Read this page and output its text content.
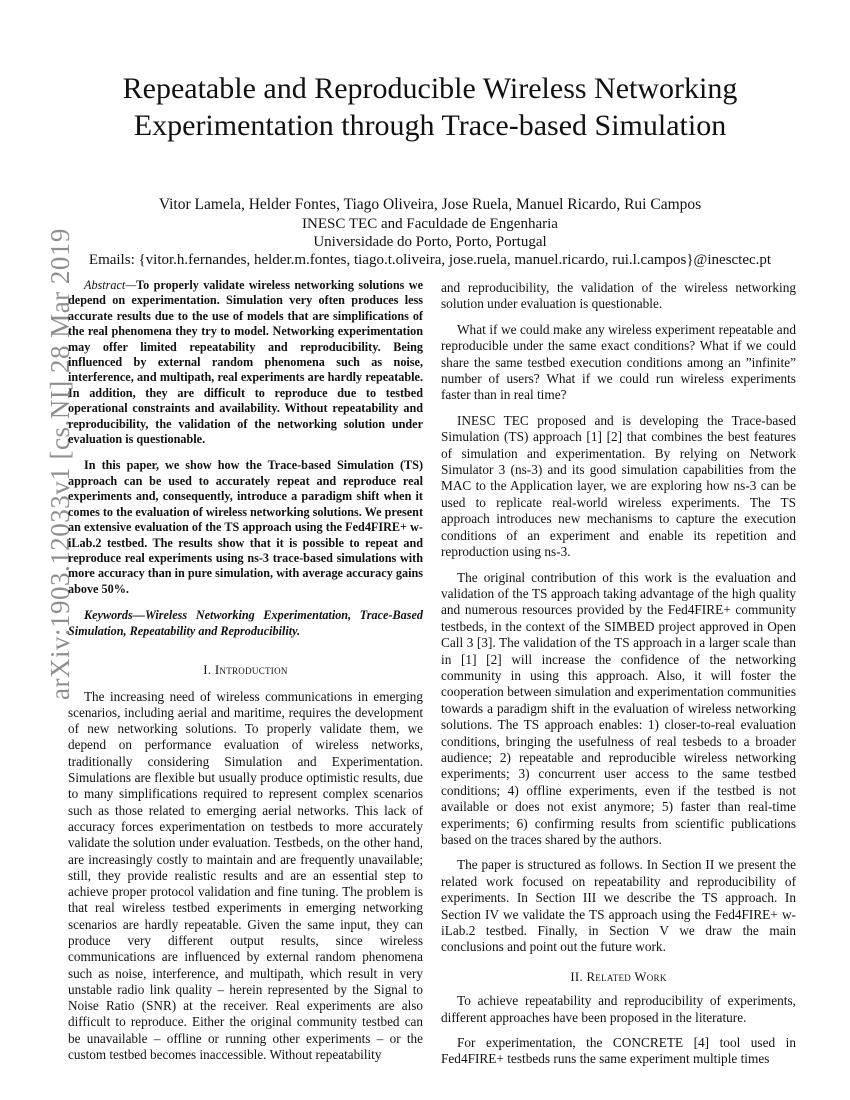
arXiv:1903.12033v1 [cs.NI] 28 Mar 2019
Repeatable and Reproducible Wireless Networking
Experimentation through Trace-based Simulation
Vitor Lamela, Helder Fontes, Tiago Oliveira, Jose Ruela, Manuel Ricardo, Rui Campos
INESC TEC and Faculdade de Engenharia
Universidade do Porto, Porto, Portugal
Emails: {vitor.h.fernandes, helder.m.fontes, tiago.t.oliveira, jose.ruela, manuel.ricardo, rui.l.campos}@inesctec.pt

Abstract—To properly validate wireless networking solutions we depend on experimentation. Simulation very often produces less accurate results due to the use of models that are simplifications of the real phenomena they try to model. Networking experimentation may offer limited repeatability and reproducibility. Being influenced by external random phenomena such as noise, interference, and multipath, real experiments are hardly repeatable. In addition, they are difficult to reproduce due to testbed operational constraints and availability. Without repeatability and reproducibility, the validation of the networking solution under evaluation is questionable.

In this paper, we show how the Trace-based Simulation (TS) approach can be used to accurately repeat and reproduce real experiments and, consequently, introduce a paradigm shift when it comes to the evaluation of wireless networking solutions. We present an extensive evaluation of the TS approach using the Fed4FIRE+ w-iLab.2 testbed. The results show that it is possible to repeat and reproduce real experiments using ns-3 trace-based simulations with more accuracy than in pure simulation, with average accuracy gains above 50%.

Keywords—Wireless Networking Experimentation, Trace-Based Simulation, Repeatability and Reproducibility.

I. Introduction

The increasing need of wireless communications in emerging scenarios, including aerial and maritime, requires the development of new networking solutions. To properly validate them, we depend on performance evaluation of wireless networks, traditionally considering Simulation and Experimentation. Simulations are flexible but usually produce optimistic results, due to many simplifications required to represent complex scenarios such as those related to emerging aerial networks. This lack of accuracy forces experimentation on testbeds to more accurately validate the solution under evaluation. Testbeds, on the other hand, are increasingly costly to maintain and are frequently unavailable; still, they provide realistic results and are an essential step to achieve proper protocol validation and fine tuning. The problem is that real wireless testbed experiments in emerging networking scenarios are hardly repeatable. Given the same input, they can produce very different output results, since wireless communications are influenced by external random phenomena such as noise, interference, and multipath, which result in very unstable radio link quality – herein represented by the Signal to Noise Ratio (SNR) at the receiver. Real experiments are also difficult to reproduce. Either the original community testbed can be unavailable – offline or running other experiments – or the custom testbed becomes inaccessible. Without repeatability

and reproducibility, the validation of the wireless networking solution under evaluation is questionable.

What if we could make any wireless experiment repeatable and reproducible under the same exact conditions? What if we could share the same testbed execution conditions among an ”infinite” number of users? What if we could run wireless experiments faster than in real time?

INESC TEC proposed and is developing the Trace-based Simulation (TS) approach [1] [2] that combines the best features of simulation and experimentation. By relying on Network Simulator 3 (ns-3) and its good simulation capabilities from the MAC to the Application layer, we are exploring how ns-3 can be used to replicate real-world wireless experiments. The TS approach introduces new mechanisms to capture the execution conditions of an experiment and enable its repetition and reproduction using ns-3.

The original contribution of this work is the evaluation and validation of the TS approach taking advantage of the high quality and numerous resources provided by the Fed4FIRE+ community testbeds, in the context of the SIMBED project approved in Open Call 3 [3]. The validation of the TS approach in a larger scale than in [1] [2] will increase the confidence of the networking community in using this approach. Also, it will foster the cooperation between simulation and experimentation communities towards a paradigm shift in the evaluation of wireless networking solutions. The TS approach enables: 1) closer-to-real evaluation conditions, bringing the usefulness of real tesbeds to a broader audience; 2) repeatable and reproducible wireless networking experiments; 3) concurrent user access to the same testbed conditions; 4) offline experiments, even if the testbed is not available or does not exist anymore; 5) faster than real-time experiments; 6) confirming results from scientific publications based on the traces shared by the authors.

The paper is structured as follows. In Section II we present the related work focused on repeatability and reproducibility of experiments. In Section III we describe the TS approach. In Section IV we validate the TS approach using the Fed4FIRE+ w-iLab.2 testbed. Finally, in Section V we draw the main conclusions and point out the future work.

II. Related Work

To achieve repeatability and reproducibility of experiments, different approaches have been proposed in the literature.

For experimentation, the CONCRETE [4] tool used in Fed4FIRE+ testbeds runs the same experiment multiple times
